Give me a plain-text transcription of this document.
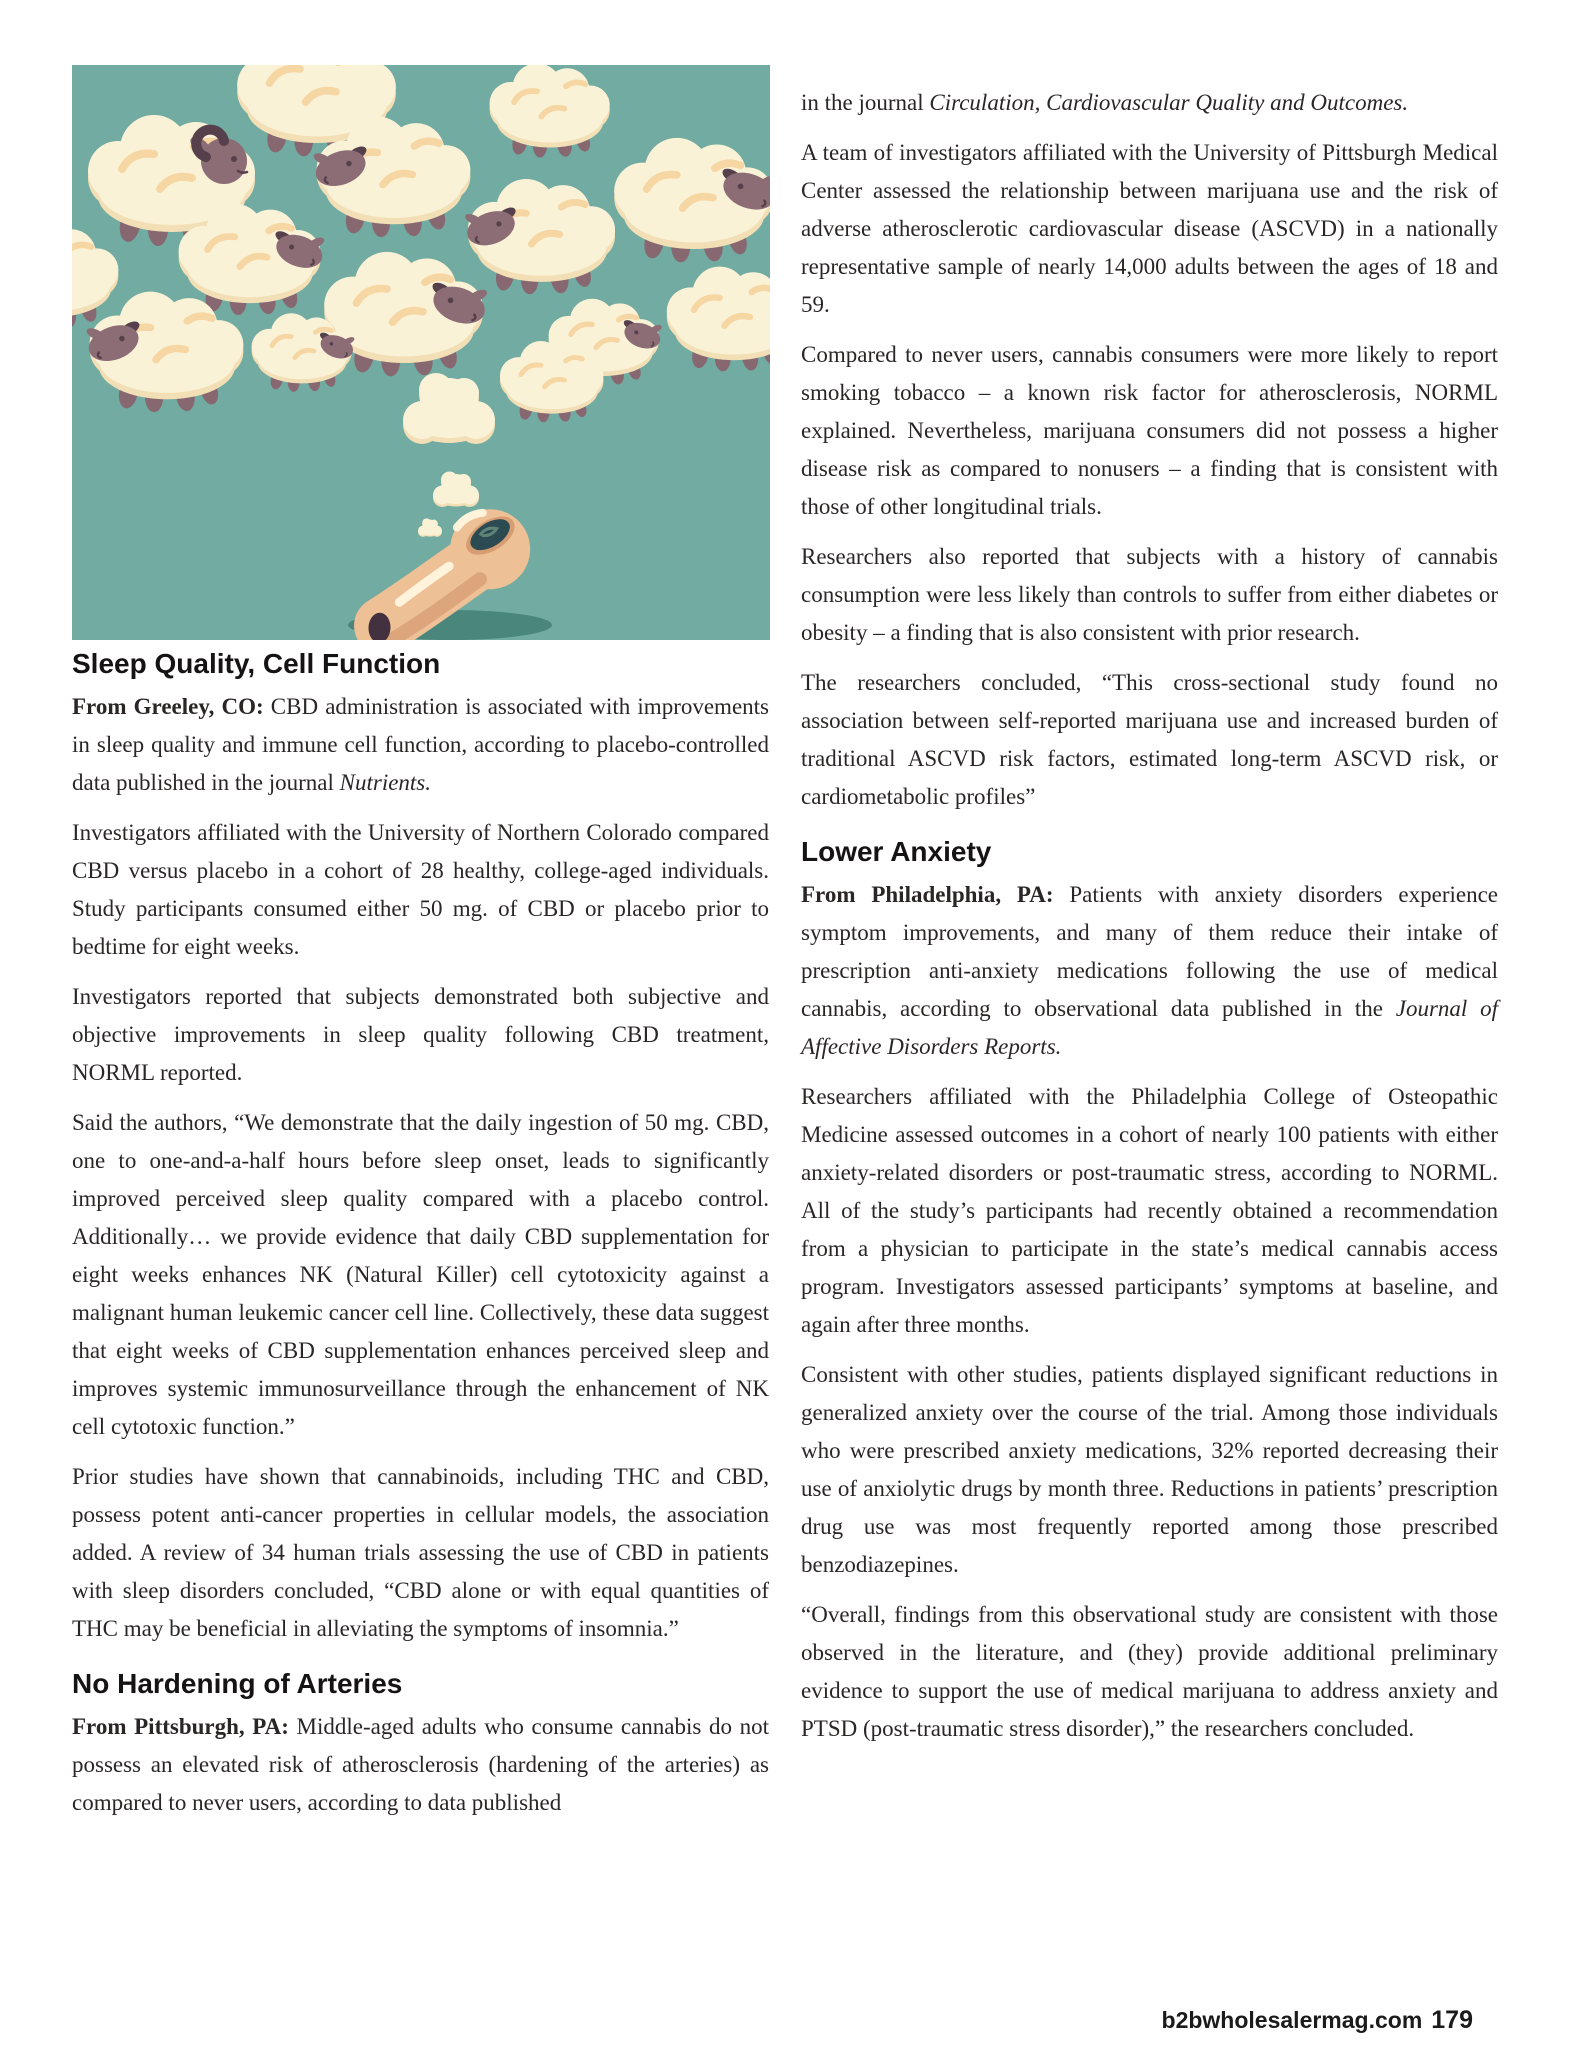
Sleep Quality, Cell Function

From Greeley, CO: CBD administration is associated with improvements in sleep quality and immune cell function, according to placebo-controlled data published in the journal Nutrients.

Investigators affiliated with the University of Northern Colorado compared CBD versus placebo in a cohort of 28 healthy, college-aged individuals. Study participants consumed either 50 mg. of CBD or placebo prior to bedtime for eight weeks.

Investigators reported that subjects demonstrated both subjective and objective improvements in sleep quality following CBD treatment, NORML reported.

Said the authors, “We demonstrate that the daily ingestion of 50 mg. CBD, one to one-and-a-half hours before sleep onset, leads to significantly improved perceived sleep quality compared with a placebo control. Additionally… we provide evidence that daily CBD supplementation for eight weeks enhances NK (Natural Killer) cell cytotoxicity against a malignant human leukemic cancer cell line. Collectively, these data suggest that eight weeks of CBD supplementation enhances perceived sleep and improves systemic immunosurveillance through the enhancement of NK cell cytotoxic function.”

Prior studies have shown that cannabinoids, including THC and CBD, possess potent anti-cancer properties in cellular models, the association added. A review of 34 human trials assessing the use of CBD in patients with sleep disorders concluded, “CBD alone or with equal quantities of THC may be beneficial in alleviating the symptoms of insomnia.”

No Hardening of Arteries

From Pittsburgh, PA: Middle-aged adults who consume cannabis do not possess an elevated risk of atherosclerosis (hardening of the arteries) as compared to never users, according to data published

in the journal Circulation, Cardiovascular Quality and Outcomes.

A team of investigators affiliated with the University of Pittsburgh Medical Center assessed the relationship between marijuana use and the risk of adverse atherosclerotic cardiovascular disease (ASCVD) in a nationally representative sample of nearly 14,000 adults between the ages of 18 and 59.

Compared to never users, cannabis consumers were more likely to report smoking tobacco – a known risk factor for atherosclerosis, NORML explained. Nevertheless, marijuana consumers did not possess a higher disease risk as compared to nonusers – a finding that is consistent with those of other longitudinal trials.

Researchers also reported that subjects with a history of cannabis consumption were less likely than controls to suffer from either diabetes or obesity – a finding that is also consistent with prior research.

The researchers concluded, “This cross-sectional study found no association between self-reported marijuana use and increased burden of traditional ASCVD risk factors, estimated long-term ASCVD risk, or cardiometabolic profiles”

Lower Anxiety

From Philadelphia, PA: Patients with anxiety disorders experience symptom improvements, and many of them reduce their intake of prescription anti-anxiety medications following the use of medical cannabis, according to observational data published in the Journal of Affective Disorders Reports.

Researchers affiliated with the Philadelphia College of Osteopathic Medicine assessed outcomes in a cohort of nearly 100 patients with either anxiety-related disorders or post-traumatic stress, according to NORML. All of the study’s participants had recently obtained a recommendation from a physician to participate in the state’s medical cannabis access program. Investigators assessed participants’ symptoms at baseline, and again after three months.

Consistent with other studies, patients displayed significant reductions in generalized anxiety over the course of the trial. Among those individuals who were prescribed anxiety medications, 32% reported decreasing their use of anxiolytic drugs by month three. Reductions in patients’ prescription drug use was most frequently reported among those prescribed benzodiazepines.

“Overall, findings from this observational study are consistent with those observed in the literature, and (they) provide additional preliminary evidence to support the use of medical marijuana to address anxiety and PTSD (post-traumatic stress disorder),” the researchers concluded.

b2bwholesalermag.com 179
